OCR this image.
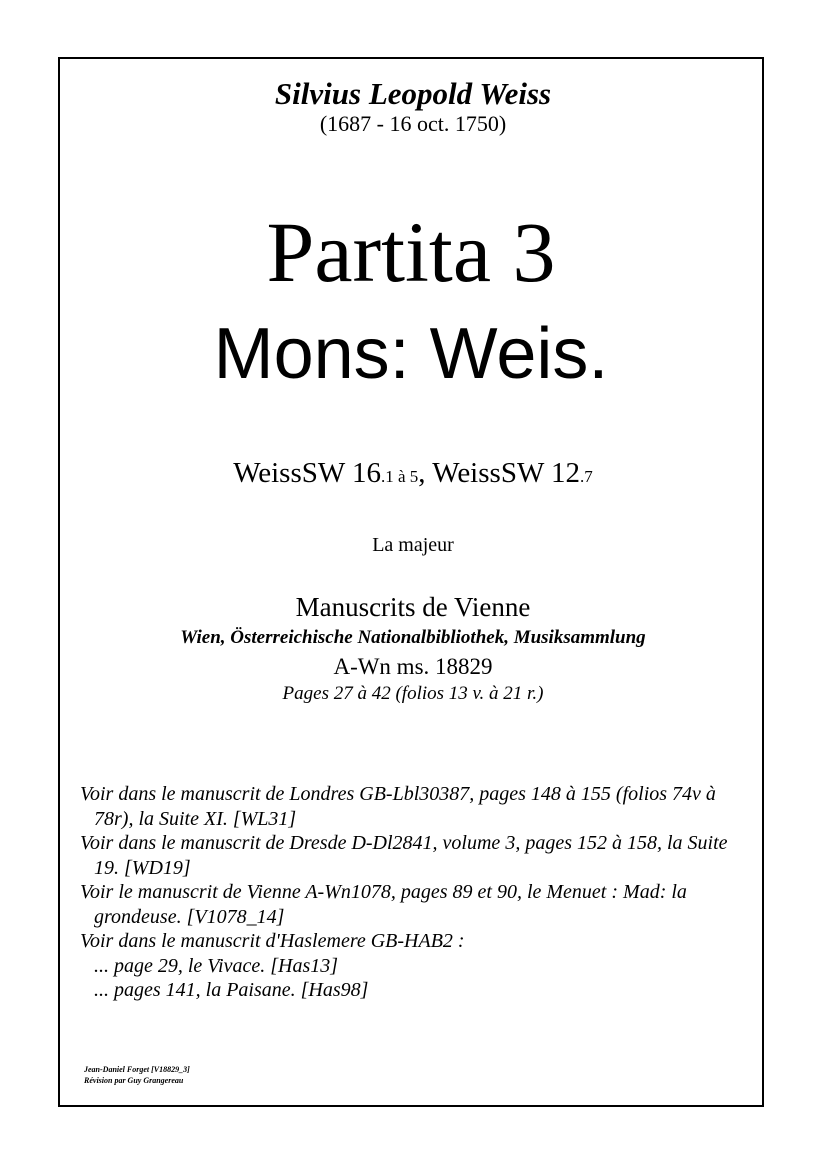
Silvius Leopold Weiss
(1687 - 16 oct. 1750)
Partita 3
Mons: Weis.
WeissSW 16.1 à 5, WeissSW 12.7
La majeur
Manuscrits de Vienne
Wien, Österreichische Nationalbibliothek, Musiksammlung
A-Wn ms. 18829
Pages 27 à 42 (folios 13 v. à 21 r.)
Voir dans le manuscrit de Londres GB-Lbl30387, pages 148 à 155 (folios 74v à 78r), la Suite XI. [WL31]
Voir dans le manuscrit de Dresde D-Dl2841, volume 3, pages 152 à 158, la Suite 19. [WD19]
Voir le manuscrit de Vienne A-Wn1078, pages 89 et 90, le Menuet : Mad: la grondeuse. [V1078_14]
Voir dans le manuscrit d'Haslemere GB-HAB2 :
... page 29, le Vivace. [Has13]
... pages 141, la Paisane. [Has98]
Jean-Daniel Forget [V18829_3]
Révision par Guy Grangereau
